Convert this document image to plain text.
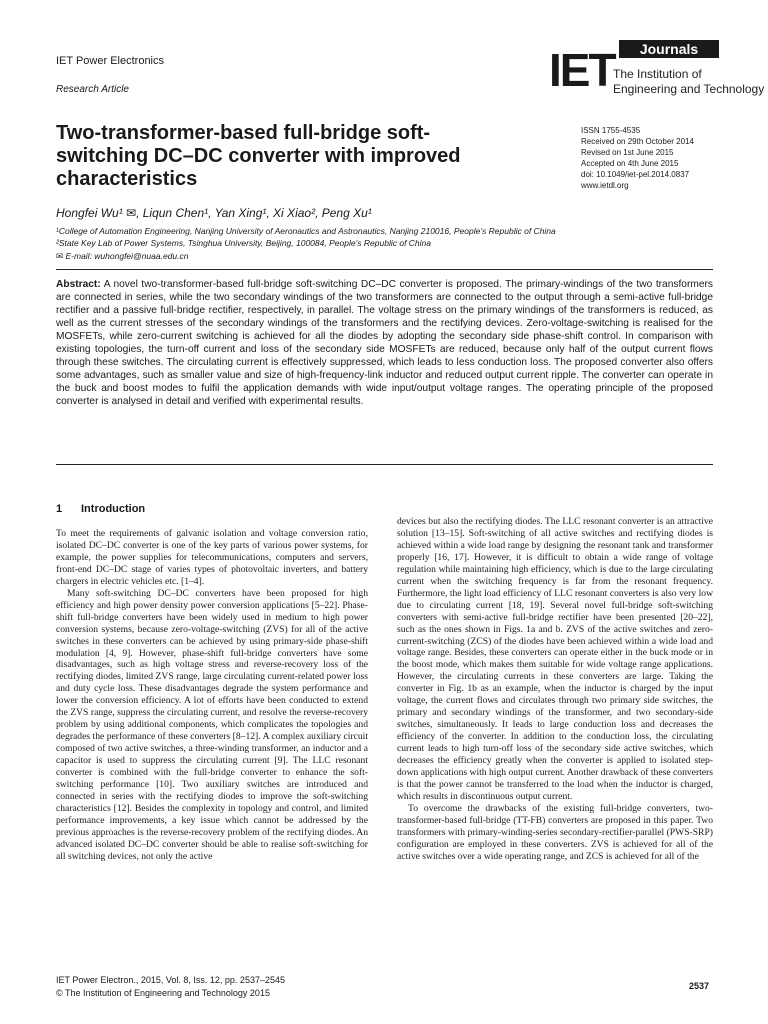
IET Power Electronics
Research Article	IET	Journals
The Institution of
Engineering and Technology
Two-transformer-based full-bridge soft-switching DC–DC converter with improved characteristics
ISSN 1755-4535
Received on 29th October 2014
Revised on 1st June 2015
Accepted on 4th June 2015
doi: 10.1049/iet-pel.2014.0837
www.ietdl.org
Hongfei Wu¹ ✉, Liqun Chen¹, Yan Xing¹, Xi Xiao², Peng Xu¹
¹College of Automation Engineering, Nanjing University of Aeronautics and Astronautics, Nanjing 210016, People’s Republic of China
²State Key Lab of Power Systems, Tsinghua University, Beijing, 100084, People’s Republic of China
✉ E-mail: wuhongfei@nuaa.edu.cn
Abstract: A novel two-transformer-based full-bridge soft-switching DC–DC converter is proposed. The primary-windings of the two transformers are connected in series, while the two secondary windings of the two transformers are connected to the output through a semi-active full-bridge rectifier and a passive full-bridge rectifier, respectively, in parallel. The voltage stress on the primary windings of the transformers is reduced, as well as the current stresses of the secondary windings of the transformers and the rectifying devices. Zero-voltage-switching is realised for the MOSFETs, while zero-current switching is achieved for all the diodes by adopting the secondary side phase-shift control. In comparison with existing topologies, the turn-off current and loss of the secondary side MOSFETs are reduced, because only half of the output current flows through these switches. The circulating current is effectively suppressed, which leads to less conduction loss. The proposed converter also offers some advantages, such as smaller value and size of high-frequency-link inductor and reduced output current ripple. The converter can operate in the buck and boost modes to fulfil the application demands with wide input/output voltage ranges. The operating principle of the proposed converter is analysed in detail and verified with experimental results.
1 Introduction

To meet the requirements of galvanic isolation and voltage conversion ratio, isolated DC–DC converter is one of the key parts of various power systems, for example, the power supplies for telecommunications, computers and servers, front-end DC–DC stage of varies types of photovoltaic inverters, and battery chargers in electric vehicles etc. [1–4].

Many soft-switching DC–DC converters have been proposed for high efficiency and high power density power conversion applications [5–22]. Phase-shift full-bridge converters have been widely used in medium to high power conversion systems, because zero-voltage-switching (ZVS) for all of the active switches in these converters can be achieved by using primary-side phase-shift modulation [4, 9]. However, phase-shift full-bridge converters have some disadvantages, such as high voltage stress and reverse-recovery loss of the rectifying diodes, limited ZVS range, large circulating current-related power loss and duty cycle loss. These disadvantages degrade the system performance and lower the conversion efficiency. A lot of efforts have been conducted to extend the ZVS range, suppress the circulating current, and resolve the reverse-recovery problem by using additional components, which complicates the topologies and degrades the performance of these converters [8–12]. A complex auxiliary circuit composed of two active switches, a three-winding transformer, an inductor and a capacitor is used to suppress the circulating current [9]. The LLC resonant converter is combined with the full-bridge converter to enhance the soft-switching performance [10]. Two auxiliary switches are introduced and connected in series with the rectifying diodes to improve the soft-switching characteristics [12]. Besides the complexity in topology and control, and limited performance improvements, a key issue which cannot be addressed by the previous approaches is the reverse-recovery problem of the rectifying diodes. An advanced isolated DC–DC converter should be able to realise soft-switching for all switching devices, not only the active

devices but also the rectifying diodes. The LLC resonant converter is an attractive solution [13–15]. Soft-switching of all active switches and rectifying diodes is achieved within a wide load range by designing the resonant tank and transformer properly [16, 17]. However, it is difficult to obtain a wide range of voltage regulation while maintaining high efficiency, which is due to the large circulating current when the switching frequency is far from the resonant frequency. Furthermore, the light load efficiency of LLC resonant converters is also very low due to circulating current [18, 19]. Several novel full-bridge soft-switching converters with semi-active full-bridge rectifier have been presented [20–22], such as the ones shown in Figs. 1a and b. ZVS of the active switches and zero-current-switching (ZCS) of the diodes have been achieved within a wide load and voltage range. Besides, these converters can operate either in the buck mode or in the boost mode, which makes them suitable for wide voltage range applications. However, the circulating currents in these converters are large. Taking the converter in Fig. 1b as an example, when the inductor is charged by the input voltage, the current flows and circulates through two primary side switches, the primary and secondary windings of the transformer, and two secondary-side switches, simultaneously. It leads to large conduction loss and decreases the efficiency of the converter. In addition to the conduction loss, the circulating current leads to high turn-off loss of the secondary side active switches, which decreases the efficiency greatly when the converter is applied to isolated step-down applications with high output current. Another drawback of these converters is that the power cannot be transferred to the load when the inductor is charged, which results in discontinuous output current.

To overcome the drawbacks of the existing full-bridge converters, two-transformer-based full-bridge (TT-FB) converters are proposed in this paper. Two transformers with primary-winding-series secondary-rectifier-parallel (PWS-SRP) configuration are employed in these converters. ZVS is achieved for all of the active switches over a wide operating range, and ZCS is achieved for all of the

IET Power Electron., 2015, Vol. 8, Iss. 12, pp. 2537–2545
© The Institution of Engineering and Technology 2015
2537
